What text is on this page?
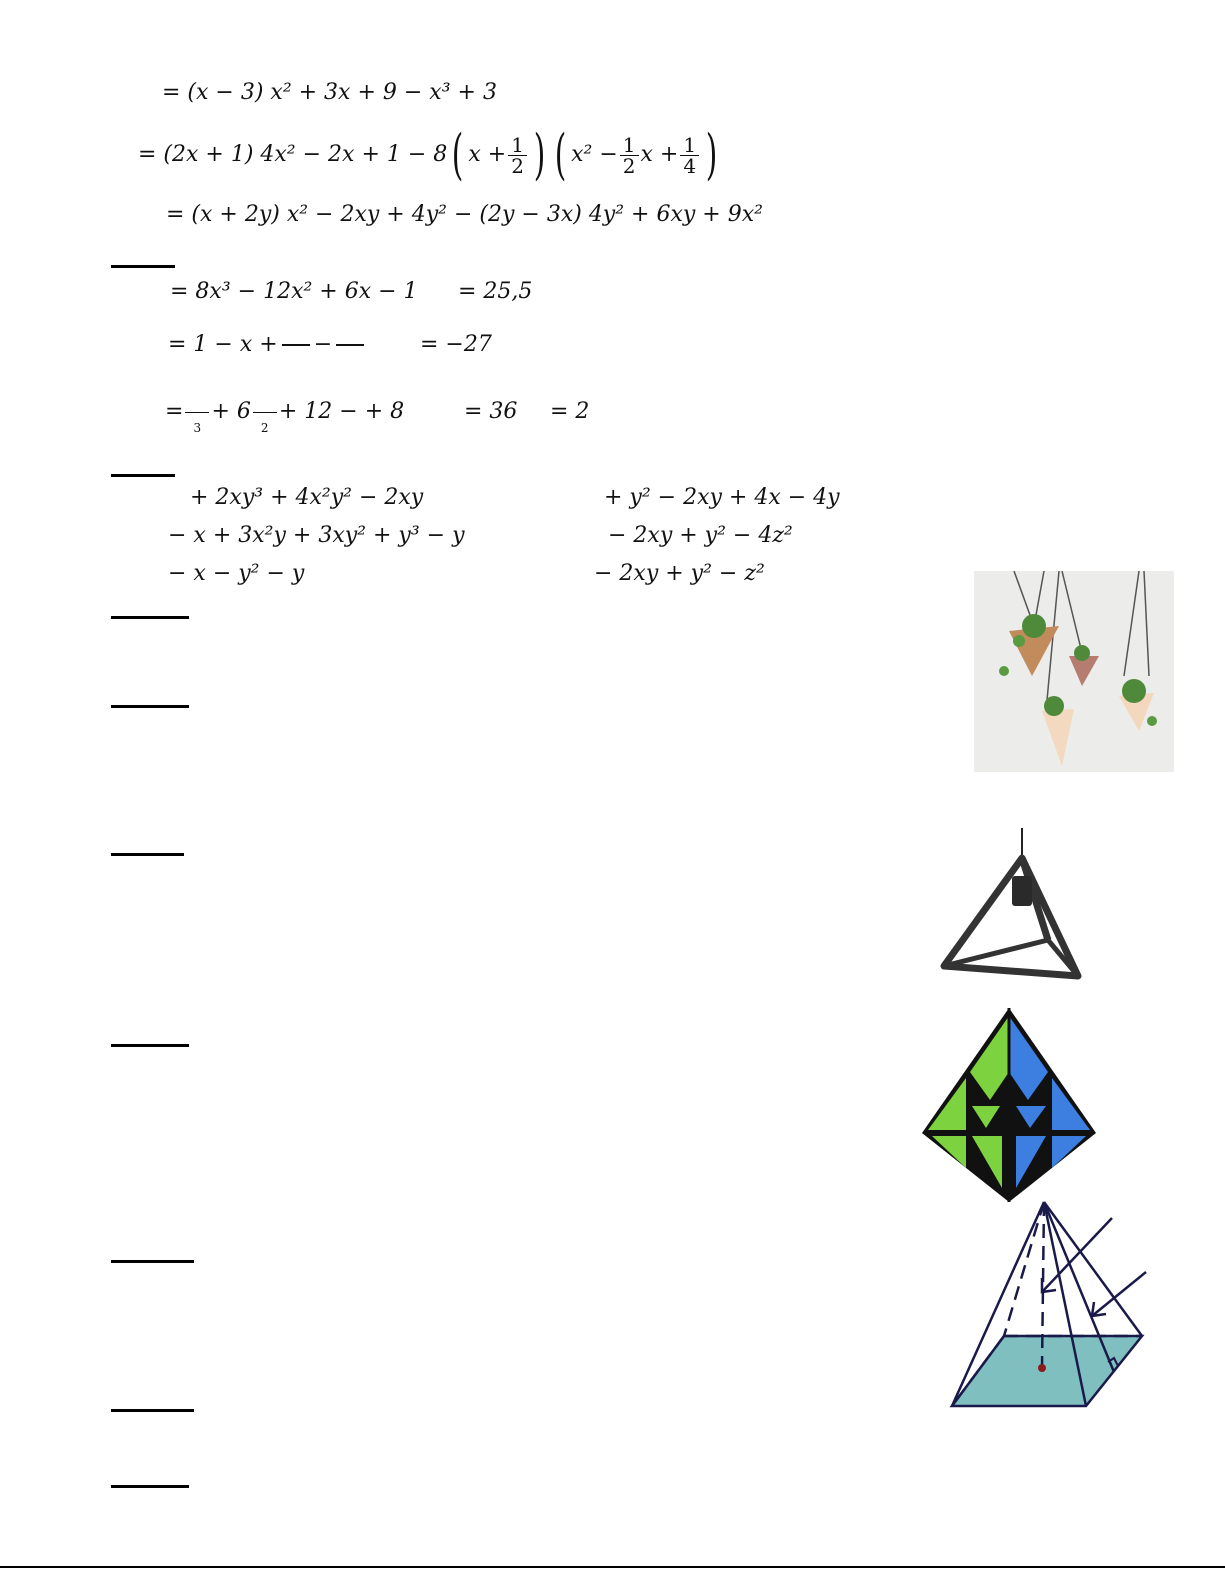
= (x − 3) x² + 3x + 9 − x³ + 3
= (2x + 1) 4x² − 2x + 1 − 8 ( $x + \frac{1}{2}$ ) ( $x^2 - \frac{1}{2}$ $x + \frac{1}{4}$ )
= (x + 2y) x² − 2xy + 4y² − (2y − 3x) 4y² + 6xy + 9x²
= 8x³ − 12x² + 6x − 1 = 25,5
= 1 − x + −	= −27
=
3
+ 6
2
+ 12 − + 8	= 36 = 2
+ 2xy³ + 4x²y² − 2xy
− x + 3x²y + 3xy² + y³ − y
− x − y² − y
+ y² − 2xy + 4x − 4y
− 2xy + y² − 4z²
− 2xy + y² − z²
